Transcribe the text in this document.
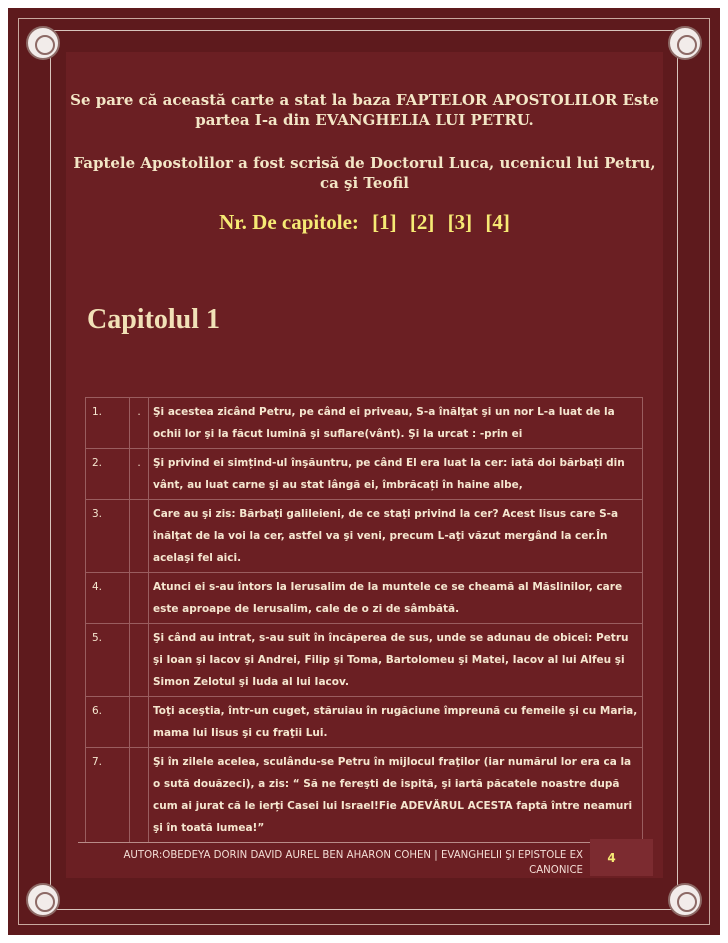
Se pare că această carte a stat la baza FAPTELOR APOSTOLILOR Este
partea I-a din EVANGHELIA LUI PETRU.
Faptele Apostolilor a fost scrisă de Doctorul Luca, ucenicul lui Petru,
ca şi Teofil
Nr. De capitole: [1] [2] [3] [4]
Capitolul 1
1.	.	Şi acestea zicând Petru, pe când ei priveau, S-a înălţat şi un nor L-a luat de la ochii lor şi la făcut lumină şi suflare(vânt). Şi la urcat : -prin ei
2.	.	Şi privind ei simțind-ul înşăuntru, pe când El era luat la cer: iată doi bărbați din vânt, au luat carne şi au stat lângă ei, îmbrăcați în haine albe,
3.		Care au şi zis: Bărbaţi galileieni, de ce staţi privind la cer? Acest Iisus care S-a înălţat de la voi la cer, astfel va şi veni, precum L-aţi văzut mergând la cer.În acelaşi fel aici.
4.		Atunci ei s-au întors la Ierusalim de la muntele ce se cheamă al Măslinilor, care este aproape de Ierusalim, cale de o zi de sâmbătă.
5.		Şi când au intrat, s-au suit în încăperea de sus, unde se adunau de obicei: Petru şi Ioan şi Iacov şi Andrei, Filip şi Toma, Bartolomeu şi Matei, Iacov al lui Alfeu şi Simon Zelotul şi Iuda al lui Iacov.
6.		Toţi aceştia, într-un cuget, stăruiau în rugăciune împreună cu femeile şi cu Maria, mama lui Iisus şi cu fraţii Lui.
7.		Şi în zilele acelea, sculându-se Petru în mijlocul fraţilor (iar numărul lor era ca la o sută douăzeci), a zis: “ Să ne fereşti de ispită, şi iartă păcatele noastre după cum ai jurat că le ierți Casei lui Israel!Fie ADEVĂRUL ACESTA faptă între neamuri şi în toată lumea!”
AUTOR:OBEDEYA DORIN DAVID AUREL BEN AHARON COHEN | EVANGHELII ŞI EPISTOLE EX
CANONICE
4
